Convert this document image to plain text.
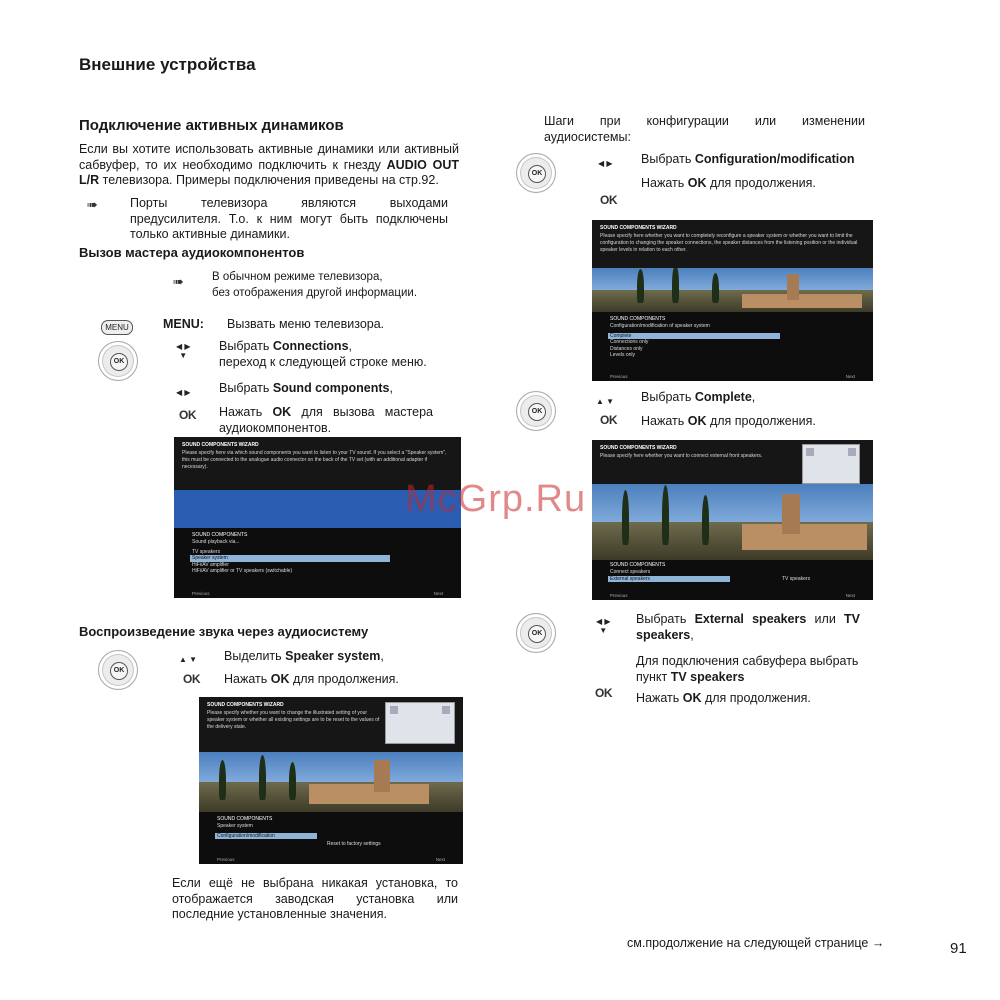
Внешние устройства
Подключение активных динамиков
Если вы хотите использовать активные динамики или активный сабвуфер, то их необходимо подключить к гнезду AUDIO OUT L/R телевизора. Примеры подключения приведены на стр.92.
➠	Порты телевизора являются выходами
предусилителя. Т.о. к ним могут быть подключены
только активные динамики.
Вызов мастера аудиокомпонентов
➠ В обычном режиме телевизора,
без отображения другой информации.
MENU
OK	MENU: Вызвать меню телевизора.
◀ ▶
▼
Выбрать Connections,
переход к следующей строке меню.
◀ ▶ Выбрать Sound components,
OK Нажать OK для вызова мастера
аудиокомпонентов.
SOUND COMPONENTS WIZARD
Please specify here via which sound components you want to listen to your TV sound. If you select a "Speaker system", this must be connected to the analogue audio connector on the back of the TV set (with an additional adapter if necessary).
SOUND COMPONENTS
Sound playback via...
TV speakers
Speaker system
HiFi/AV amplifier
HiFi/AV amplifier or TV speakers (switchable)
Previous	Next
Воспроизведение звука через аудиосистему
OK
▲ ▼ Выделить Speaker system,
OK Нажать OK для продолжения.
SOUND COMPONENTS WIZARD
Please specify whether you want to change the illustrated setting of your speaker system or whether all existing settings are to be reset to the values of the delivery state.
SOUND COMPONENTS
Speaker system
Configuration/modification
Reset to factory settings
Previous	Next
Если ещё не выбрана никакая установка, то
отображается заводская установка или
последние установленные значения.
Шаги при конфигурации или изменении
аудиосистемы:
OK
◀ ▶ Выбрать Configuration/modification
OK
Нажать OK для продолжения.
SOUND COMPONENTS WIZARD
Please specify here whether you want to completely reconfigure a speaker system or whether you want to limit the configuration to changing the speaker connections, the speaker distances from the listening position or the individual speaker levels in relation to each other.
SOUND COMPONENTS
Configuration/modification of speaker system
Complete
Connections only
Distances only
Levels only
Previous	Next
OK
▲ ▼ Выбрать Complete,
OK Нажать OK для продолжения.
SOUND COMPONENTS WIZARD
Please specify here whether you want to connect external front speakers.
SOUND COMPONENTS
Connect speakers
External speakers	TV speakers
Previous	Next
OK
◀ ▶
▼
Выбрать External speakers или TV
speakers,
Для подключения сабвуфера выбрать
пункт TV speakers
OK Нажать OK для продолжения.
см.продолжение на следующей странице →	91
McGrp.Ru
